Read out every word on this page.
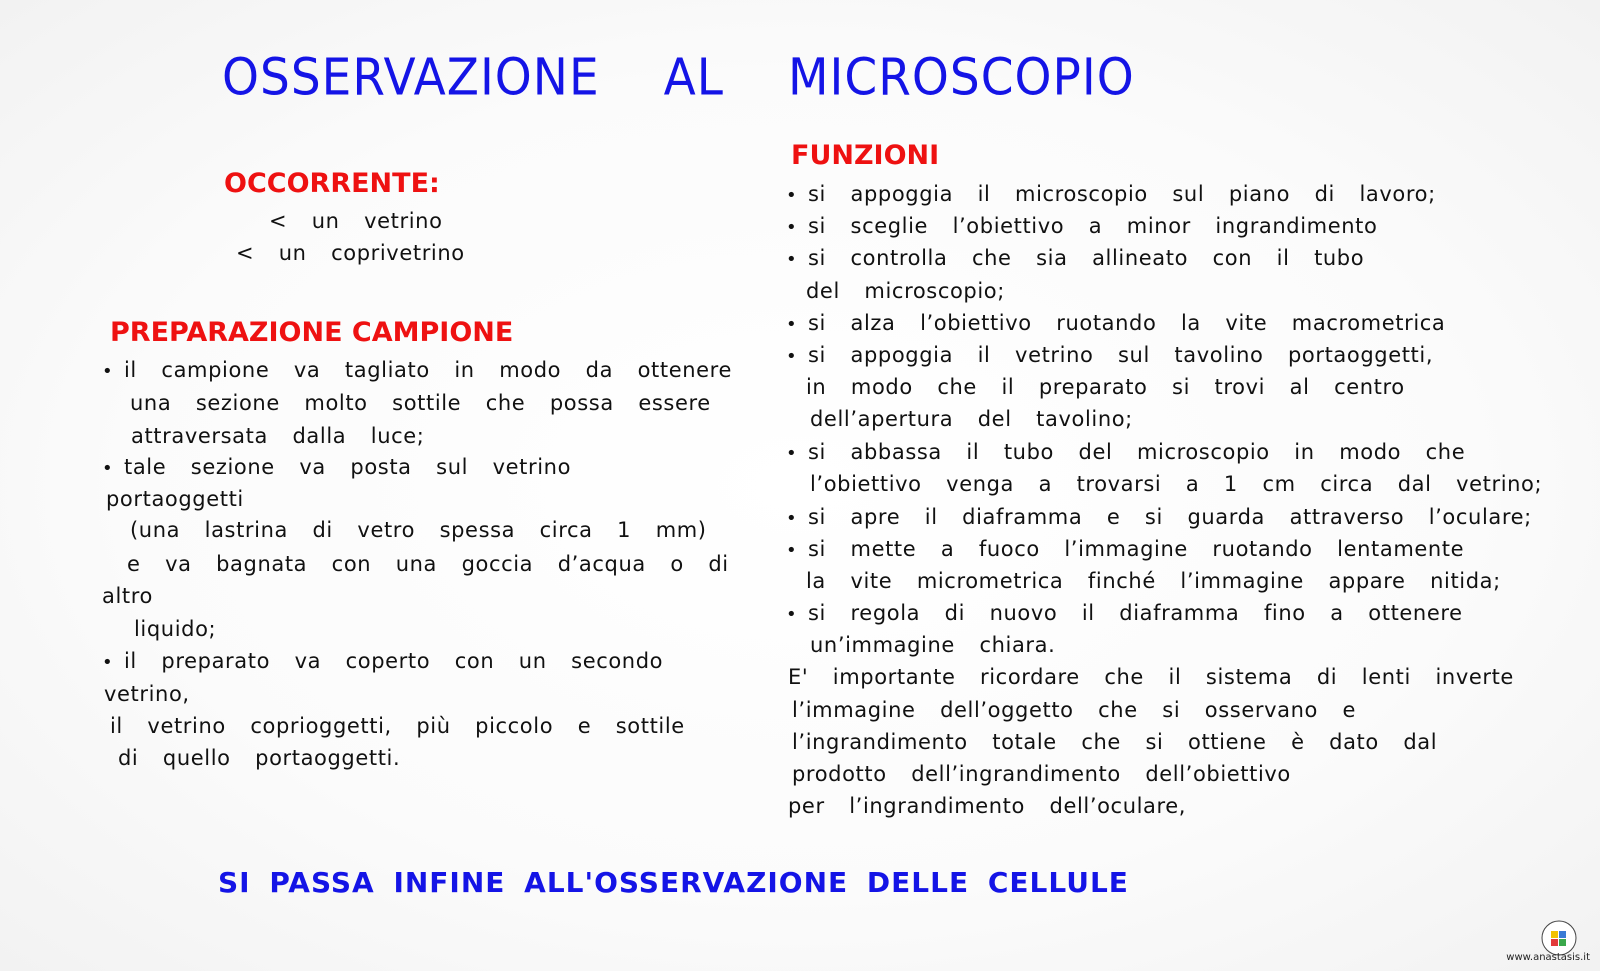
OSSERVAZIONE AL MICROSCOPIO
OCCORRENTE:

<  un  vetrino

<  un  coprivetrino

PREPARAZIONE CAMPIONE

• il  campione  va  tagliato  in  modo  da  ottenere

una  sezione  molto  sottile  che  possa  essere

attraversata  dalla  luce;

• tale  sezione  va  posta  sul  vetrino

portaoggetti

(una  lastrina  di  vetro  spessa  circa  1  mm)

e  va  bagnata  con  una  goccia  d’acqua  o  di

altro

liquido;

• il  preparato  va  coperto  con  un  secondo

vetrino,

il  vetrino  coprioggetti,  più  piccolo  e  sottile

di  quello  portaoggetti.

FUNZIONI

• si  appoggia  il  microscopio  sul  piano  di  lavoro;

• si  sceglie  l’obiettivo  a  minor  ingrandimento

• si  controlla  che  sia  allineato  con  il  tubo

del  microscopio;

• si  alza  l’obiettivo  ruotando  la  vite  macrometrica

• si  appoggia  il  vetrino  sul  tavolino  portaoggetti,

in  modo  che  il  preparato  si  trovi  al  centro

dell’apertura  del  tavolino;

• si  abbassa  il  tubo  del  microscopio  in  modo  che

l’obiettivo  venga  a  trovarsi  a  1  cm  circa  dal  vetrino;

• si  apre  il  diaframma  e  si  guarda  attraverso  l’oculare;

• si  mette  a  fuoco  l’immagine  ruotando  lentamente

la  vite  micrometrica  finché  l’immagine  appare  nitida;

• si  regola  di  nuovo  il  diaframma  fino  a  ottenere

un’immagine  chiara.

E'  importante  ricordare  che  il  sistema  di  lenti  inverte

l’immagine  dell’oggetto  che  si  osservano  e

l’ingrandimento  totale  che  si  ottiene  è  dato  dal

prodotto  dell’ingrandimento  dell’obiettivo

per  l’ingrandimento  dell’oculare,

SI PASSA INFINE ALL'OSSERVAZIONE DELLE CELLULE

www.anastasis.it
